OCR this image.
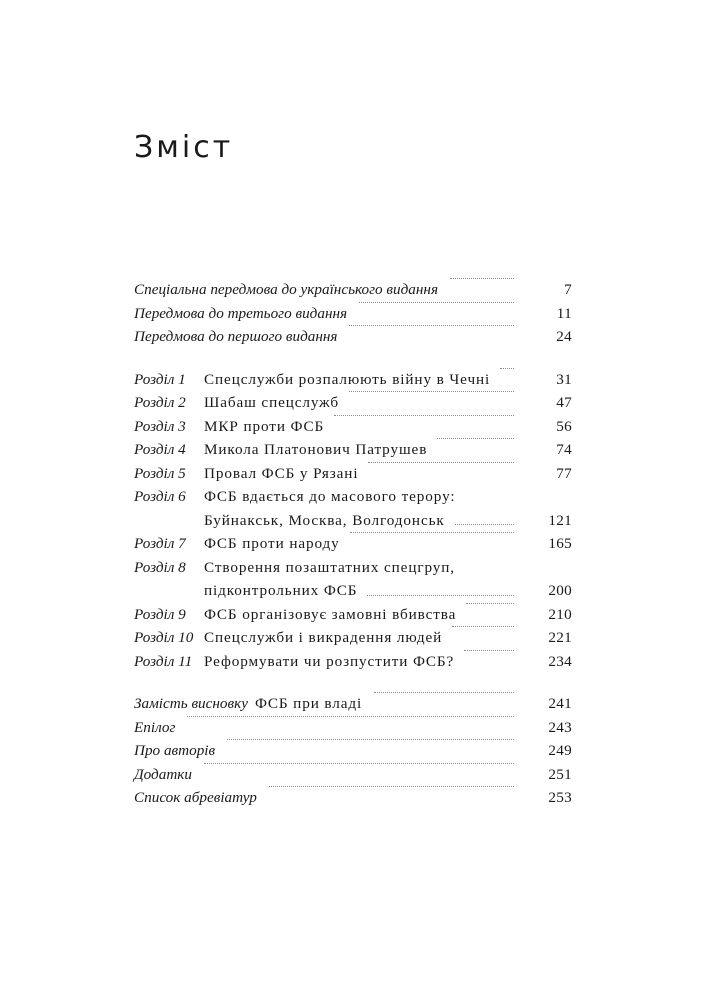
Зміст
Спеціальна передмова до українського видання	7
Передмова до третього видання	11
Передмова до першого видання	24
Розділ 1	Спецслужби розпалюють війну в Чечні	31
Розділ 2	Шабаш спецслужб	47
Розділ 3	МКР проти ФСБ	56
Розділ 4	Микола Платонович Патрушев	74
Розділ 5	Провал ФСБ у Рязані	77
Розділ 6	ФСБ вдається до масового терору:
Буйнакськ, Москва, Волгодонськ	121
Розділ 7	ФСБ проти народу	165
Розділ 8	Створення позаштатних спецгруп,
підконтрольних ФСБ	200
Розділ 9	ФСБ організовує замовні вбивства	210
Розділ 10 Спецслужби і викрадення людей	221
Розділ 11 Реформувати чи розпустити ФСБ?	234
Замість висновку ФСБ при владі	241
Епілог	243
Про авторів	249
Додатки	251
Список абревіатур	253
